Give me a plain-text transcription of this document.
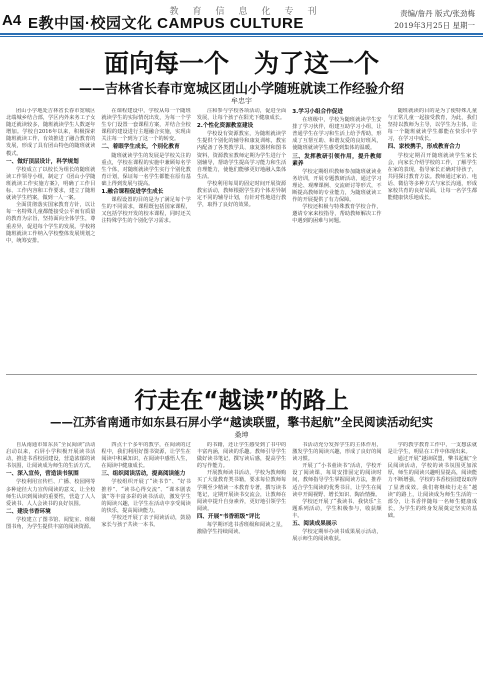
教育信息化专刊
A4 E教中国·校园文化 CAMPUS CULTURE
责编/詹丹 版式/张劲梅
2019年3月25日 星期一
面向每一个　为了这一个
——吉林省长春市宽城区团山小学随班就读工作经验介绍
牟忠宇

团山小学地处吉林省长春市宽城区北端城乡结合部，学区内外来务工子女随迁就读较多，随班就读学生人数逐年增加。学校自2016年以来，积极探索随班就读工作，有效推进了融合教育的发展，形成了具有团山特色的随班就读模式。

一、做好顶层设计，科学规划

学校成立了以校长为组长的随班就读工作领导小组，制定了《团山小学随班就读工作实施方案》，明确了工作目标、工作内容和工作要求，建立了随班就读学生档案，做到一人一案。

全面贯彻落实国家教育方针，以让每一名特殊儿童都能接受公平而有质量的教育为宗旨，坚持面向全体学生，尊重差异，促进每个学生的发展。学校将随班就读工作纳入学校整体发展规划之中，统筹安排。

在课程建设中，学校从每一个随班就读学生的实际情况出发，为每一个学生专门设置一套课程方案，并结合全校课程的建设进行主题融合实施，实现由关注每一个到为了这一个的转变。

二、着眼学生成长，个别化教育

随班就读学生的发展是学校关注的重点，学校在课程的实施中兼顾每名学生个体，对随班就读学生实行个别化教育计划，保证每一名学生都能在原有基础上得到发展与提高。

1.融合课程促进学生成长

课程设置的目的是为了满足每个学生的不同需求，课程既包括国家课程，又包括学校开发的校本课程，同时还关注特殊学生的个别化学习需求。

注和参与学校各项活动，促进全面发展，让每个孩子在阳光下健康成长。

2.个性化资源教室建设

学校设有资源教室，为随班就读学生提供个别化的辅导和康复训练，教室内配备了各类教学具、康复器材和图书资料，资源教室教师定期为学生进行个别辅导，帮助学生提高学习能力和生活自理能力，使他们能够更好地融入集体生活。

学校利用每周的固定时间开展资源教室活动，教师根据学生的个体差异制定不同的辅导计划，有针对性地进行教学，取得了良好的效果。

3.学习小组合作促进

在班级中，学校为随班就读学生安排了学习伙伴，组建互助学习小组，让普通学生在学习和生活上给予帮助，形成了互帮互助、和谐友爱的良好班风，使随班就读学生感受到集体的温暖。

三、发挥教研引领作用，提升教师素养

学校定期组织教师参加随班就读业务培训，开展专题教研活动，通过学习理论、观摩课例、交流研讨等形式，不断提高教师的专业能力，为随班就读工作的开展提供了有力保障。

学校还积极与特殊教育学校合作，邀请专家来校指导，帮助教师解决工作中遇到的困难与问题。

随班就读的目的是为了使特殊儿童与正常儿童一起接受教育，为此，我们坚持以教师为主导，以学生为主体，让每一个随班就读学生都能在快乐中学习，在学习中成长。

四、家校携手，形成教育合力

学校定期召开随班就读学生家长会，向家长介绍学校的工作，了解学生在家的表现，指导家长正确对待孩子，共同探讨教育方法。教师通过家访、电话、微信等多种方式与家长沟通，形成家校共育的良好局面，让每一名学生都能健康快乐地成长。

行走在“越读”的路上
——江苏省南通市如东县石屏小学“越读联盟，擎书起航”全民阅读活动纪实
桑坤

自从南通市如东县“全民阅读”活动启动以来，石屏小学积极开展读书活动，推进书香校园建设，营造浓郁的读书氛围，让阅读成为师生的生活方式。

一、深入宣传，营造读书氛围

学校利用宣传栏、广播、校园网等多种途径大力宣传阅读的意义，让全校师生认识到阅读的重要性，营造了人人爱读书、人人会读书的良好氛围。

二、建设书香环境

学校建立了图书馆、阅览室、班级图书角，为学生提供丰富的阅读资源。

四点十个多年的教学，在阅读的过程中，我们利用好图书资源，让学生在阅读中积累知识，在阅读中感悟人生，在阅读中健康成长。

三、组织阅读活动，提高阅读能力

学校组织开展了“读书节”、“好书推荐”、“读书心得交流”、“课本剧表演”等丰富多彩的读书活动，激发学生的阅读兴趣，让学生在活动中享受阅读的快乐，提高阅读能力。

学校还开展了亲子阅读活动，鼓励家长与孩子共读一本书。

的书籍，还让学生感受到了书中的丰富内涵，阅读的乐趣。教师引导学生做好读书笔记，撰写读后感，提高学生的写作能力。

开展教师读书活动，学校为教师购买了大量教育类书籍，要求每位教师每学期至少精读一本教育专著，撰写读书笔记，定期开展读书交流会，让教师在阅读中提升自身素养，更好地引领学生阅读。

四、开展“书香班级”评比

每学期评选书香班级和阅读之星，激励学生持续阅读。

书活动充分发挥学生的主体作用，激发学生的阅读兴趣，形成了良好的阅读习惯。

开展了“小书童读书”活动，学校开设了阅读课，每周安排固定的阅读时间，教师指导学生掌握阅读方法，推荐适合学生阅读的优秀书目，让学生在阅读中开阔视野、增长知识、陶冶情操。

学校还开展了“我读书、我快乐”主题系列活动，学生积极参与，收获颇丰。

五、阅读成果展示

学校定期举办读书成果展示活动，展示师生的阅读收获。

学的教学教育工作中，一支想法就是让学生，明显在工作中体现出来。

通过开展“越读联盟，擎书起航”全民阅读活动，学校的读书氛围更加浓厚，师生的阅读兴趣明显提高，阅读能力不断增强，学校的书香校园建设取得了显著成效。我们将继续行走在“越读”的路上，让阅读成为师生生活的一部分，让书香伴随每一名师生健康成长，为学生的终身发展奠定坚实的基础。
